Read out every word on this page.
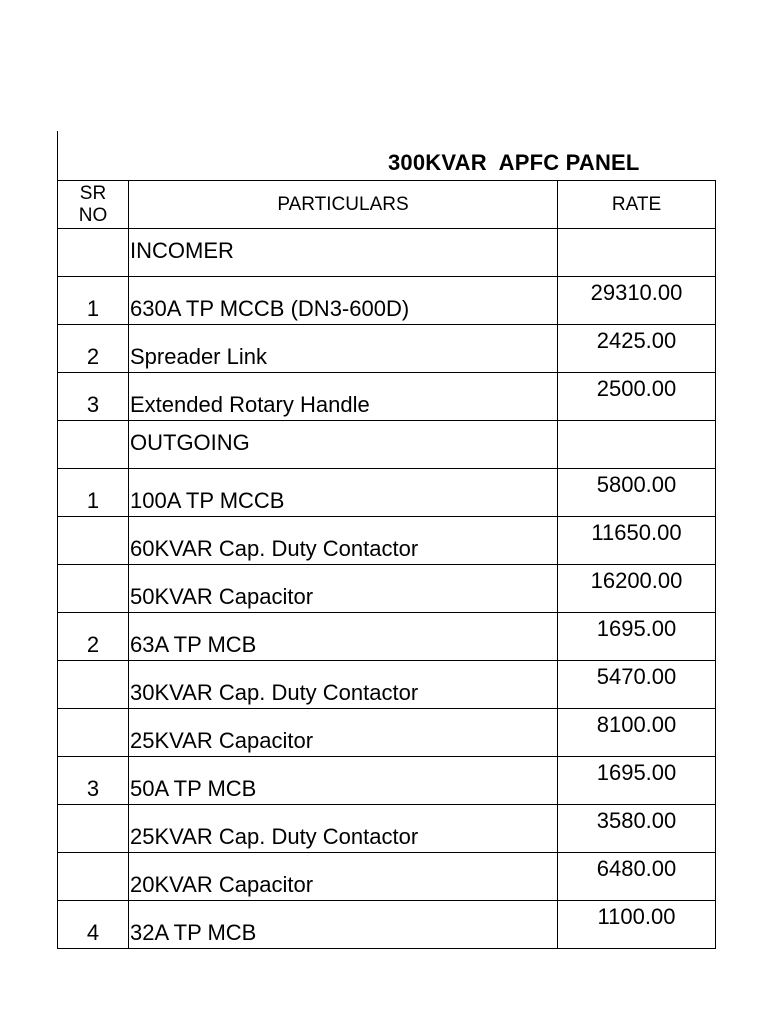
300KVAR  APFC PANEL
SR NO	PARTICULARS	RATE
	INCOMER	
1	630A TP MCCB (DN3-600D)	29310.00
2	Spreader Link	2425.00
3	Extended Rotary Handle	2500.00
	OUTGOING	
1	100A TP MCCB	5800.00
	60KVAR Cap. Duty Contactor	11650.00
	50KVAR Capacitor	16200.00
2	63A TP MCB	1695.00
	30KVAR Cap. Duty Contactor	5470.00
	25KVAR Capacitor	8100.00
3	50A TP MCB	1695.00
	25KVAR Cap. Duty Contactor	3580.00
	20KVAR Capacitor	6480.00
4	32A TP MCB	1100.00
